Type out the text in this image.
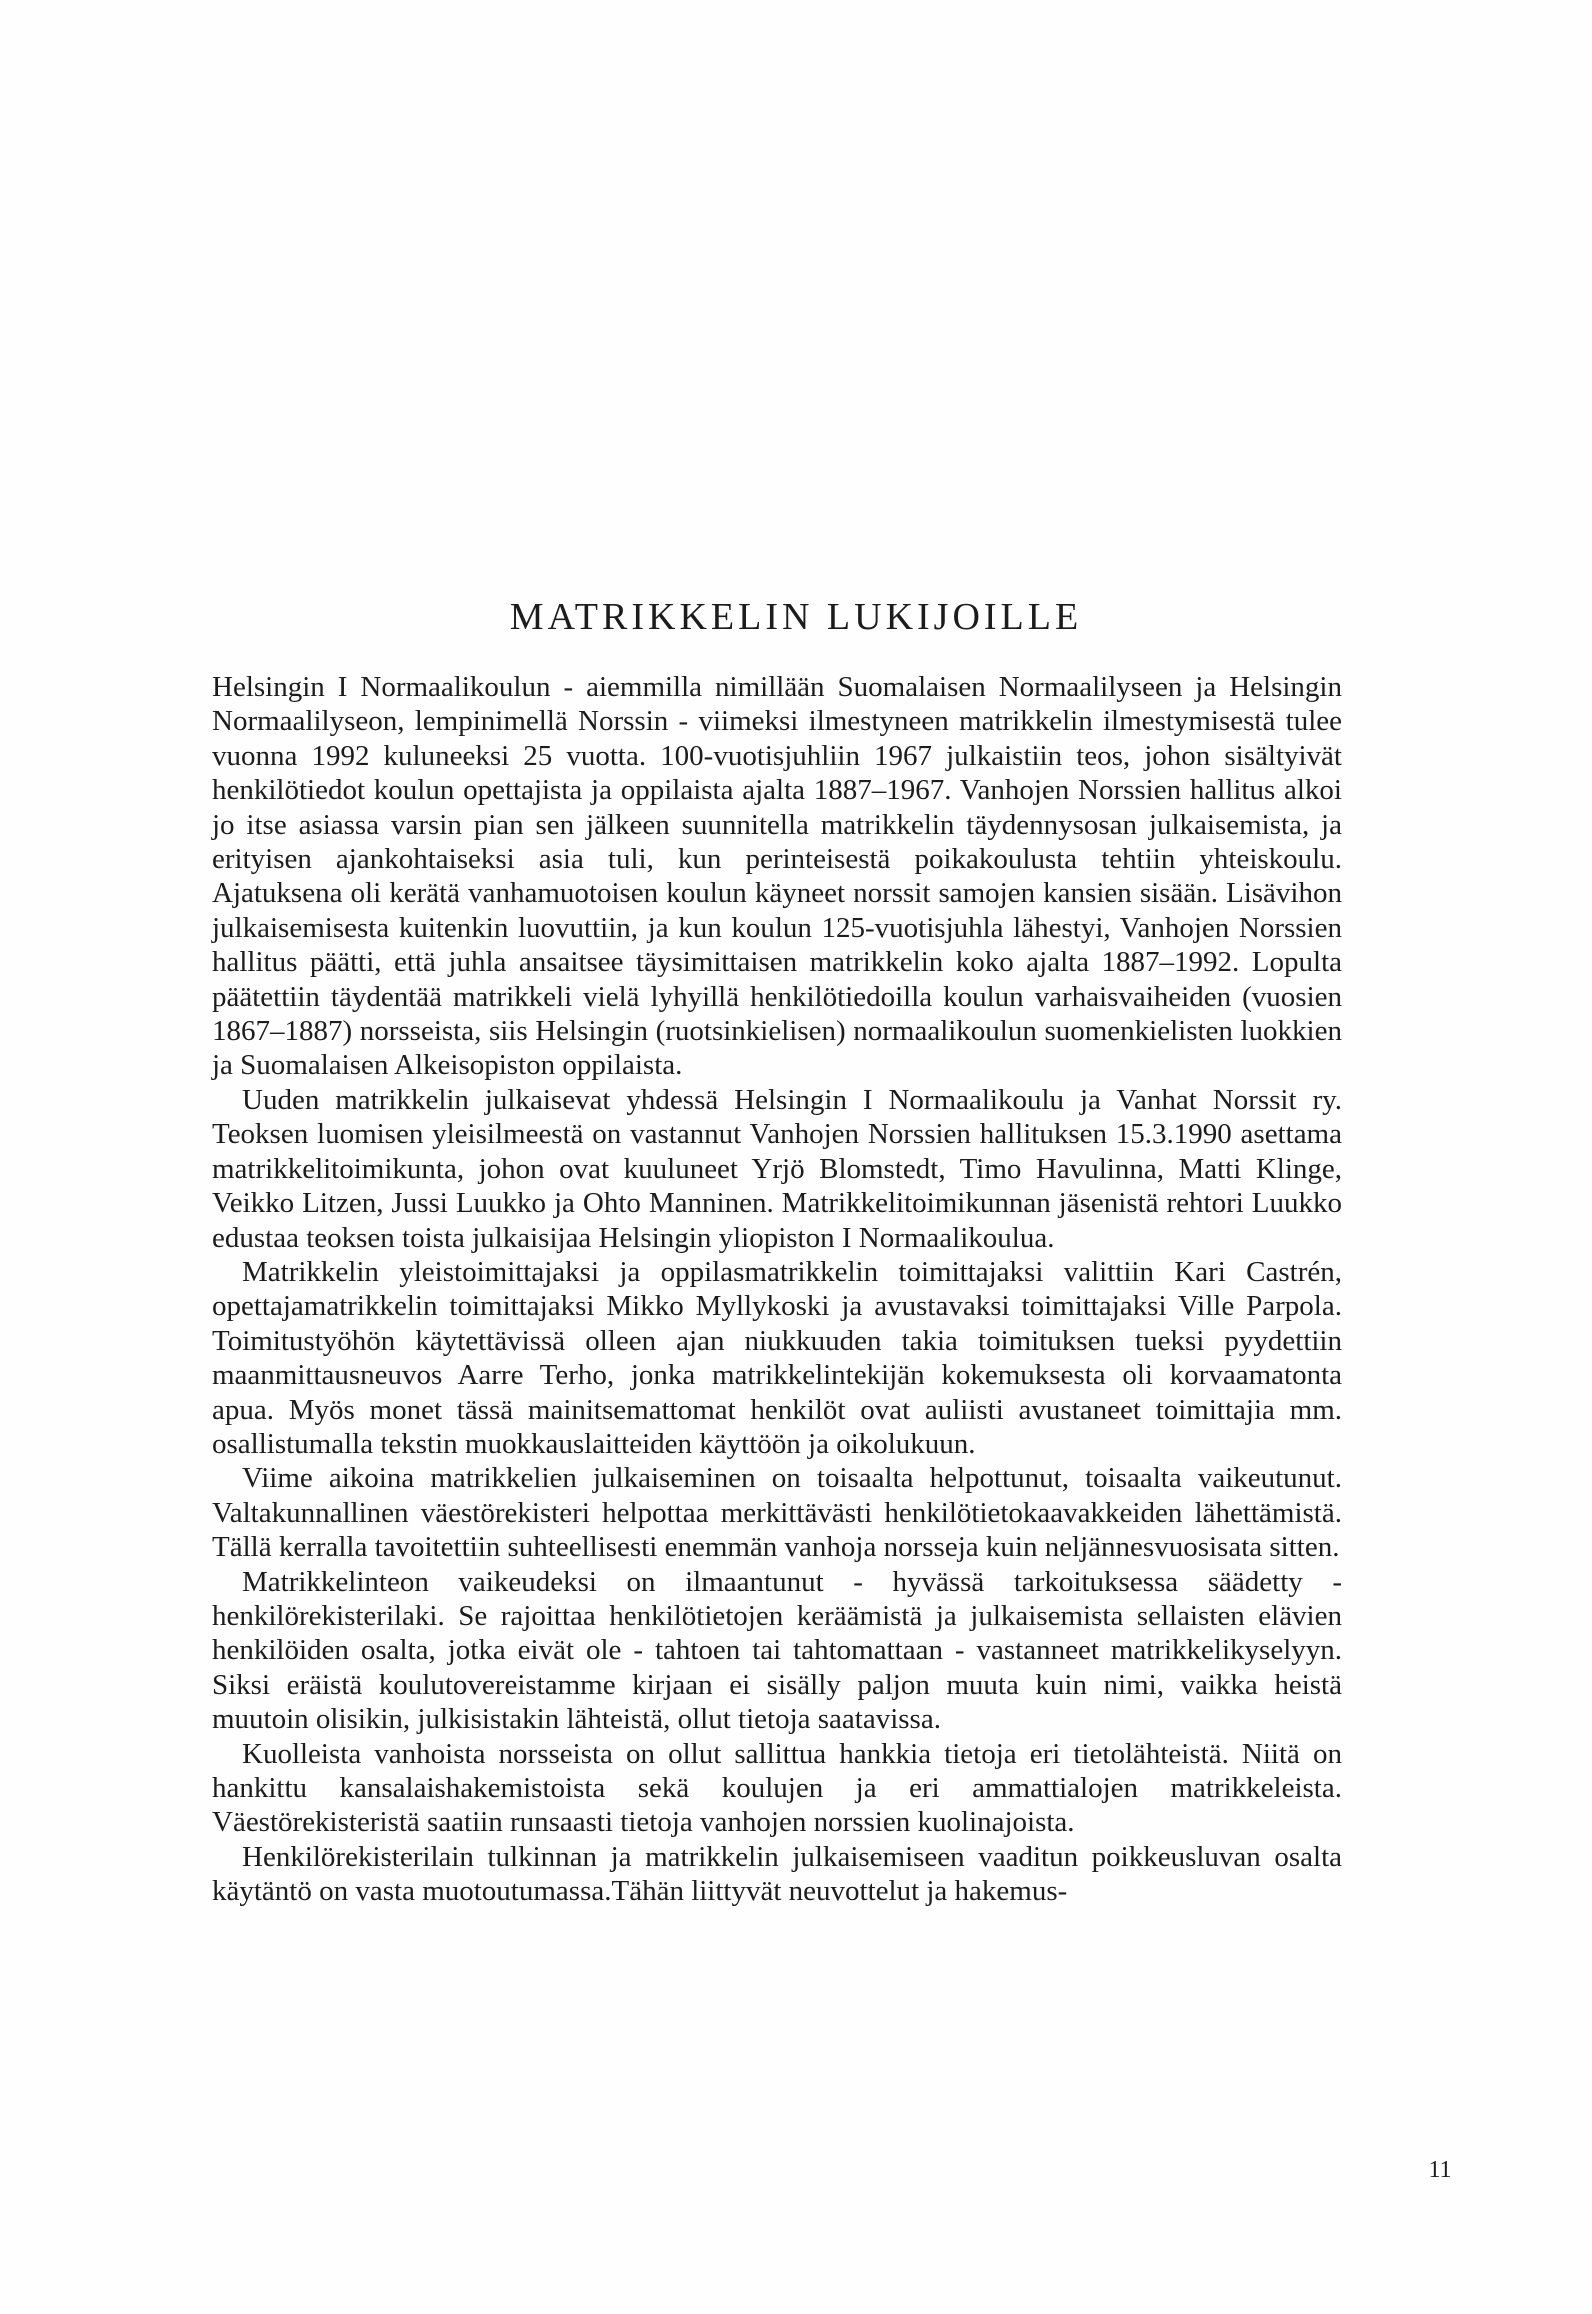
MATRIKKELIN LUKIJOILLE

Helsingin I Normaalikoulun - aiemmilla nimillään Suomalaisen Normaalilyseen ja Helsingin Normaalilyseon, lempinimellä Norssin - viimeksi ilmestyneen matrikkelin ilmestymisestä tulee vuonna 1992 kuluneeksi 25 vuotta. 100-vuotisjuhliin 1967 julkaistiin teos, johon sisältyivät henkilötiedot koulun opettajista ja oppilaista ajalta 1887–1967. Vanhojen Norssien hallitus alkoi jo itse asiassa varsin pian sen jälkeen suunnitella matrikkelin täydennysosan julkaisemista, ja erityisen ajankohtaiseksi asia tuli, kun perinteisestä poikakoulusta tehtiin yhteiskoulu. Ajatuksena oli kerätä vanhamuotoisen koulun käyneet norssit samojen kansien sisään. Lisävihon julkaisemisesta kuitenkin luovuttiin, ja kun koulun 125-vuotisjuhla lähestyi, Vanhojen Norssien hallitus päätti, että juhla ansaitsee täysimittaisen matrikkelin koko ajalta 1887–1992. Lopulta päätettiin täydentää matrikkeli vielä lyhyillä henkilötiedoilla koulun varhaisvaiheiden (vuosien 1867–1887) norsseista, siis Helsingin (ruotsinkielisen) normaalikoulun suomenkielisten luokkien ja Suomalaisen Alkeisopiston oppilaista.

Uuden matrikkelin julkaisevat yhdessä Helsingin I Normaalikoulu ja Vanhat Norssit ry. Teoksen luomisen yleisilmeestä on vastannut Vanhojen Norssien hallituksen 15.3.1990 asettama matrikkelitoimikunta, johon ovat kuuluneet Yrjö Blomstedt, Timo Havulinna, Matti Klinge, Veikko Litzen, Jussi Luukko ja Ohto Manninen. Matrikkelitoimikunnan jäsenistä rehtori Luukko edustaa teoksen toista julkaisijaa Helsingin yliopiston I Normaalikoulua.

Matrikkelin yleistoimittajaksi ja oppilasmatrikkelin toimittajaksi valittiin Kari Castrén, opettajamatrikkelin toimittajaksi Mikko Myllykoski ja avustavaksi toimittajaksi Ville Parpola. Toimitustyöhön käytettävissä olleen ajan niukkuuden takia toimituksen tueksi pyydettiin maanmittausneuvos Aarre Terho, jonka matrikkelintekijän kokemuksesta oli korvaamatonta apua. Myös monet tässä mainitsemattomat henkilöt ovat auliisti avustaneet toimittajia mm. osallistumalla tekstin muokkauslaitteiden käyttöön ja oikolukuun.

Viime aikoina matrikkelien julkaiseminen on toisaalta helpottunut, toisaalta vaikeutunut. Valtakunnallinen väestörekisteri helpottaa merkittävästi henkilötietokaavakkeiden lähettämistä. Tällä kerralla tavoitettiin suhteellisesti enemmän vanhoja norsseja kuin neljännesvuosisata sitten.

Matrikkelinteon vaikeudeksi on ilmaantunut - hyvässä tarkoituksessa säädetty - henkilörekisterilaki. Se rajoittaa henkilötietojen keräämistä ja julkaisemista sellaisten elävien henkilöiden osalta, jotka eivät ole - tahtoen tai tahtomattaan - vastanneet matrikkelikyselyyn. Siksi eräistä koulutovereistamme kirjaan ei sisälly paljon muuta kuin nimi, vaikka heistä muutoin olisikin, julkisistakin lähteistä, ollut tietoja saatavissa.

Kuolleista vanhoista norsseista on ollut sallittua hankkia tietoja eri tietolähteistä. Niitä on hankittu kansalaishakemistoista sekä koulujen ja eri ammattialojen matrikkeleista. Väestörekisteristä saatiin runsaasti tietoja vanhojen norssien kuolinajoista.

Henkilörekisterilain tulkinnan ja matrikkelin julkaisemiseen vaaditun poikkeusluvan osalta käytäntö on vasta muotoutumassa.Tähän liittyvät neuvottelut ja hakemus-

11
